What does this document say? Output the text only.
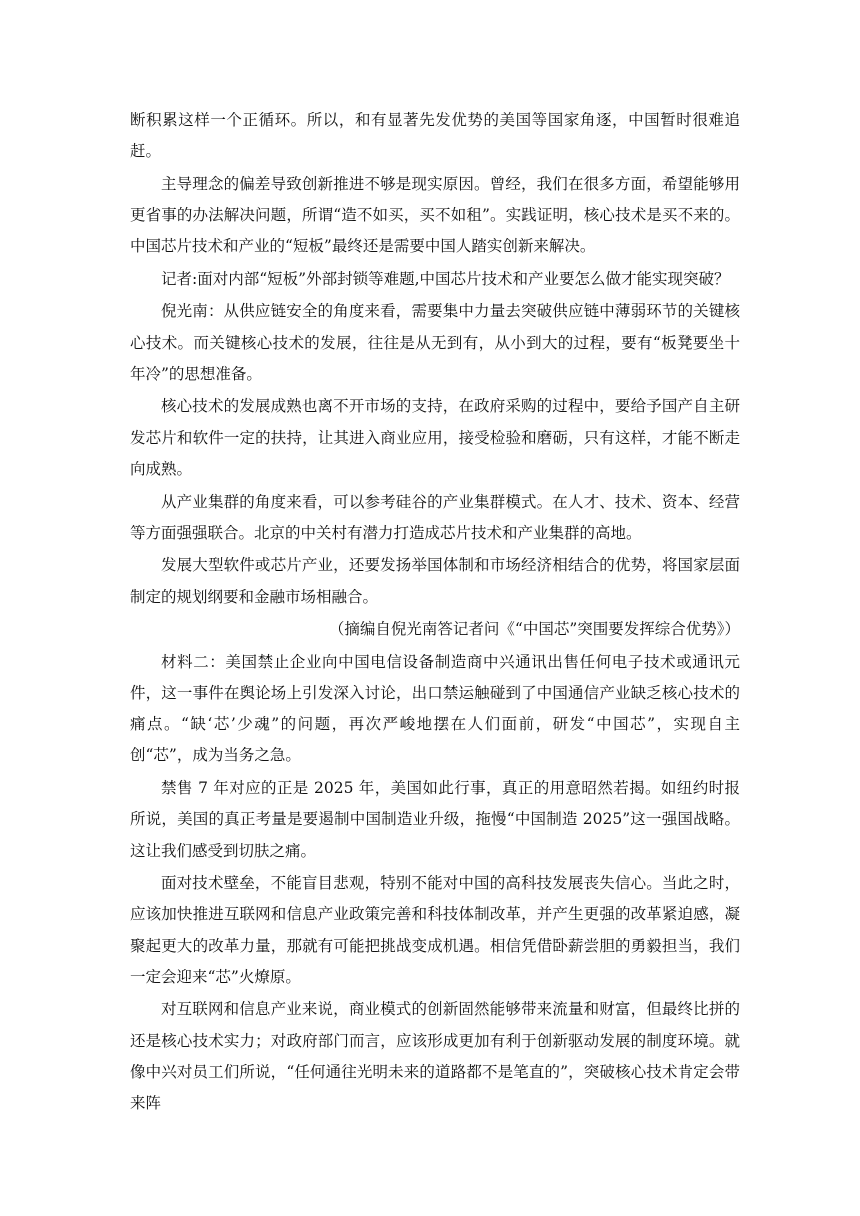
断积累这样一个正循环。所以，和有显著先发优势的美国等国家角逐，中国暂时很难追赶。

主导理念的偏差导致创新推进不够是现实原因。曾经，我们在很多方面，希望能够用更省事的办法解决问题，所谓“造不如买，买不如租”。实践证明，核心技术是买不来的。中国芯片技术和产业的“短板”最终还是需要中国人踏实创新来解决。

记者:面对内部“短板”外部封锁等难题,中国芯片技术和产业要怎么做才能实现突破？

倪光南：从供应链安全的角度来看，需要集中力量去突破供应链中薄弱环节的关键核心技术。而关键核心技术的发展，往往是从无到有，从小到大的过程，要有“板凳要坐十年冷”的思想准备。

核心技术的发展成熟也离不开市场的支持，在政府采购的过程中，要给予国产自主研发芯片和软件一定的扶持，让其进入商业应用，接受检验和磨砺，只有这样，才能不断走向成熟。

从产业集群的角度来看，可以参考硅谷的产业集群模式。在人才、技术、资本、经营等方面强强联合。北京的中关村有潜力打造成芯片技术和产业集群的高地。

发展大型软件或芯片产业，还要发扬举国体制和市场经济相结合的优势，将国家层面制定的规划纲要和金融市场相融合。

（摘编自倪光南答记者问《“中国芯”突围要发挥综合优势》）

材料二：美国禁止企业向中国电信设备制造商中兴通讯出售任何电子技术或通讯元件，这一事件在舆论场上引发深入讨论，出口禁运触碰到了中国通信产业缺乏核心技术的痛点。“缺‘芯’少魂”的问题，再次严峻地摆在人们面前，研发“中国芯”，实现自主创“芯”，成为当务之急。

禁售 7 年对应的正是 2025 年，美国如此行事，真正的用意昭然若揭。如纽约时报所说，美国的真正考量是要遏制中国制造业升级，拖慢“中国制造 2025”这一强国战略。这让我们感受到切肤之痛。

面对技术壁垒，不能盲目悲观，特别不能对中国的高科技发展丧失信心。当此之时，应该加快推进互联网和信息产业政策完善和科技体制改革，并产生更强的改革紧迫感，凝聚起更大的改革力量，那就有可能把挑战变成机遇。相信凭借卧薪尝胆的勇毅担当，我们一定会迎来“芯”火燎原。

对互联网和信息产业来说，商业模式的创新固然能够带来流量和财富，但最终比拼的还是核心技术实力；对政府部门而言，应该形成更加有利于创新驱动发展的制度环境。就像中兴对员工们所说，“任何通往光明未来的道路都不是笔直的”，突破核心技术肯定会带来阵
